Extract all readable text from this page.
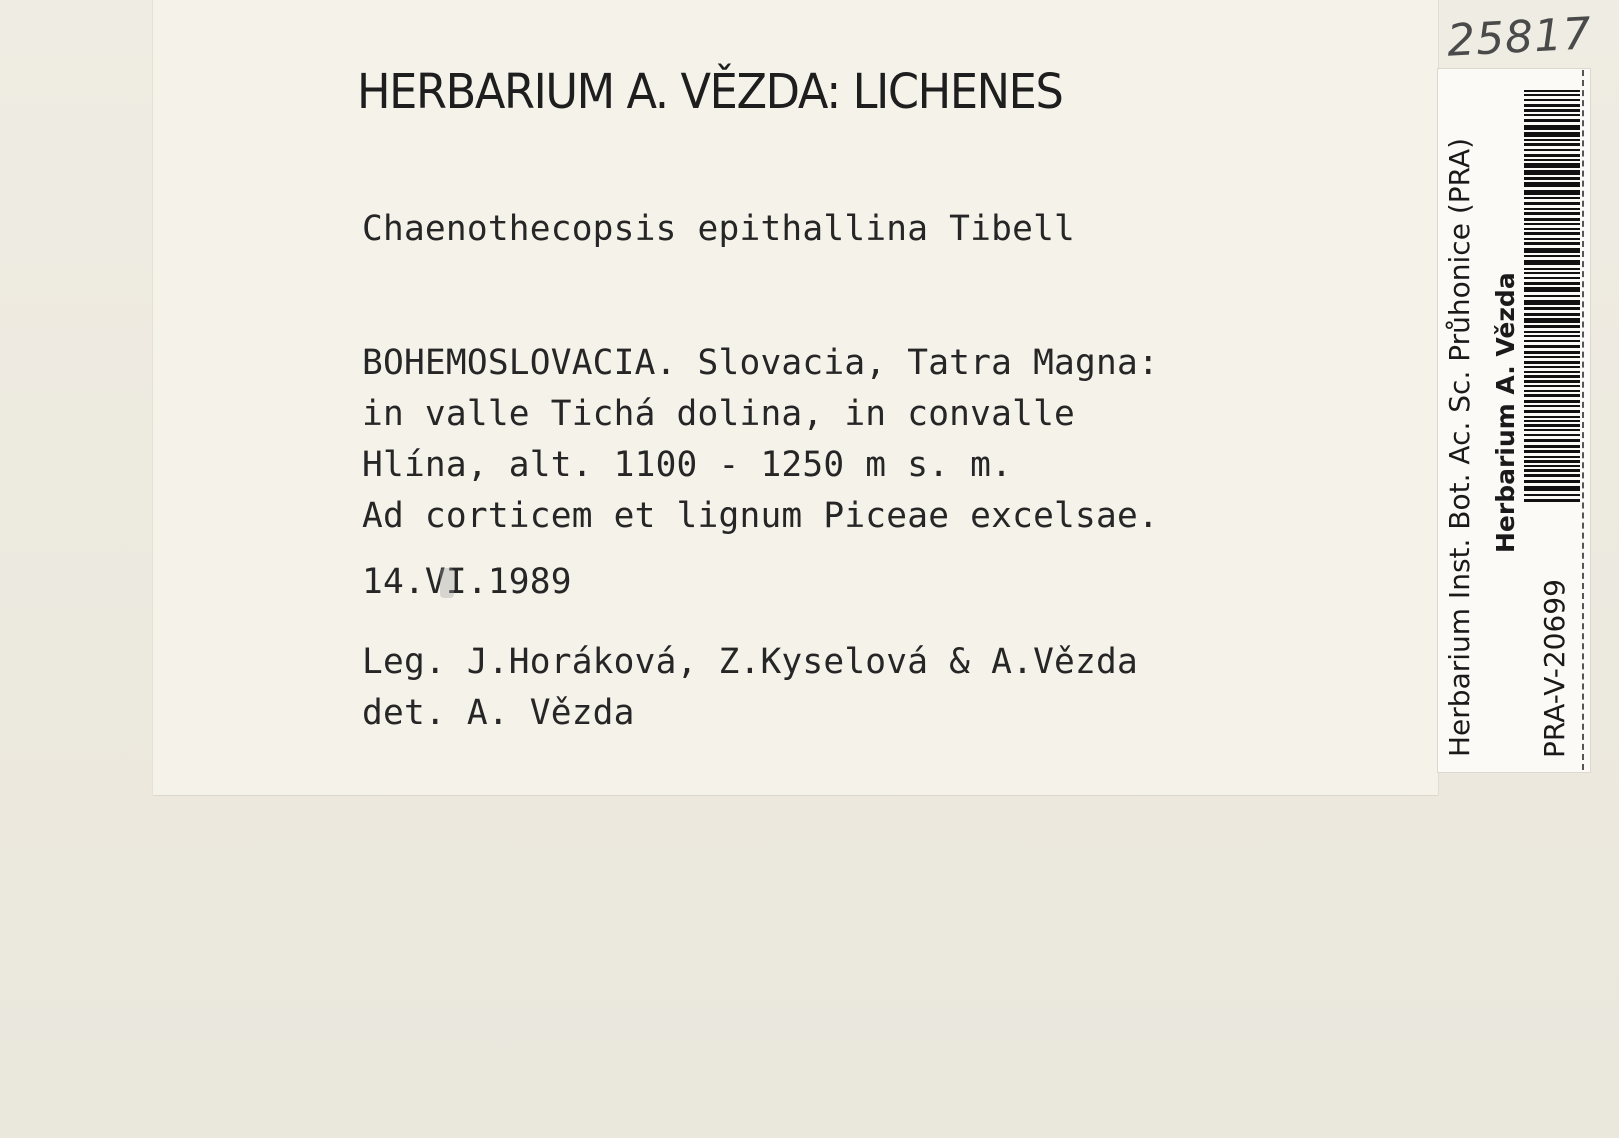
HERBARIUM A. VĚZDA: LICHENES
Chaenothecopsis epithallina Tibell
BOHEMOSLOVACIA. Slovacia, Tatra Magna:
in valle Tichá dolina, in convalle
Hlína, alt. 1100 - 1250 m s. m.
Ad corticem et lignum Piceae excelsae.
14.VI.1989
Leg. J.Horáková, Z.Kyselová & A.Vězda
det. A. Vězda
25817
Herbarium Inst. Bot. Ac. Sc. Průhonice (PRA) Herbarium A. Vězda
PRA-V-20699
